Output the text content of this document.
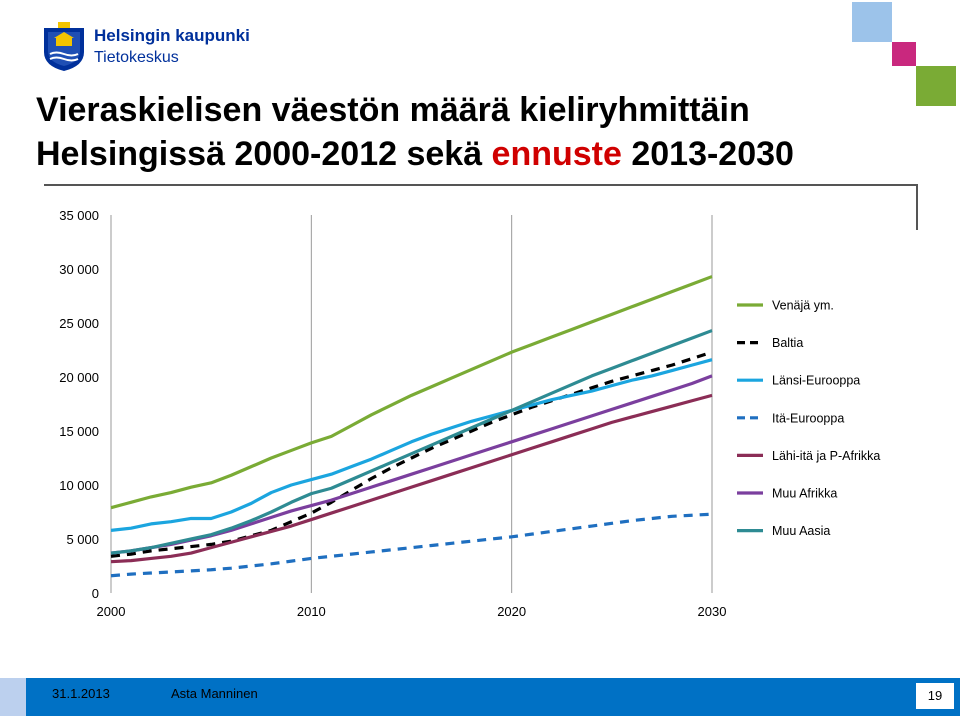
Helsingin kaupunki
Tietokeskus
Vieraskielisen väestön määrä kieliryhmittäin
Helsingissä 2000-2012 sekä ennuste 2013-2030
2000	2010	2020	2030
0
5 000
10 000
15 000
20 000
25 000
30 000
35 000
Venäjä ym.
Baltia
Länsi-Eurooppa
Itä-Eurooppa
Lähi-itä ja P-Afrikka
Muu Afrikka
Muu Aasia
31.1.2013	Asta Manninen	19
